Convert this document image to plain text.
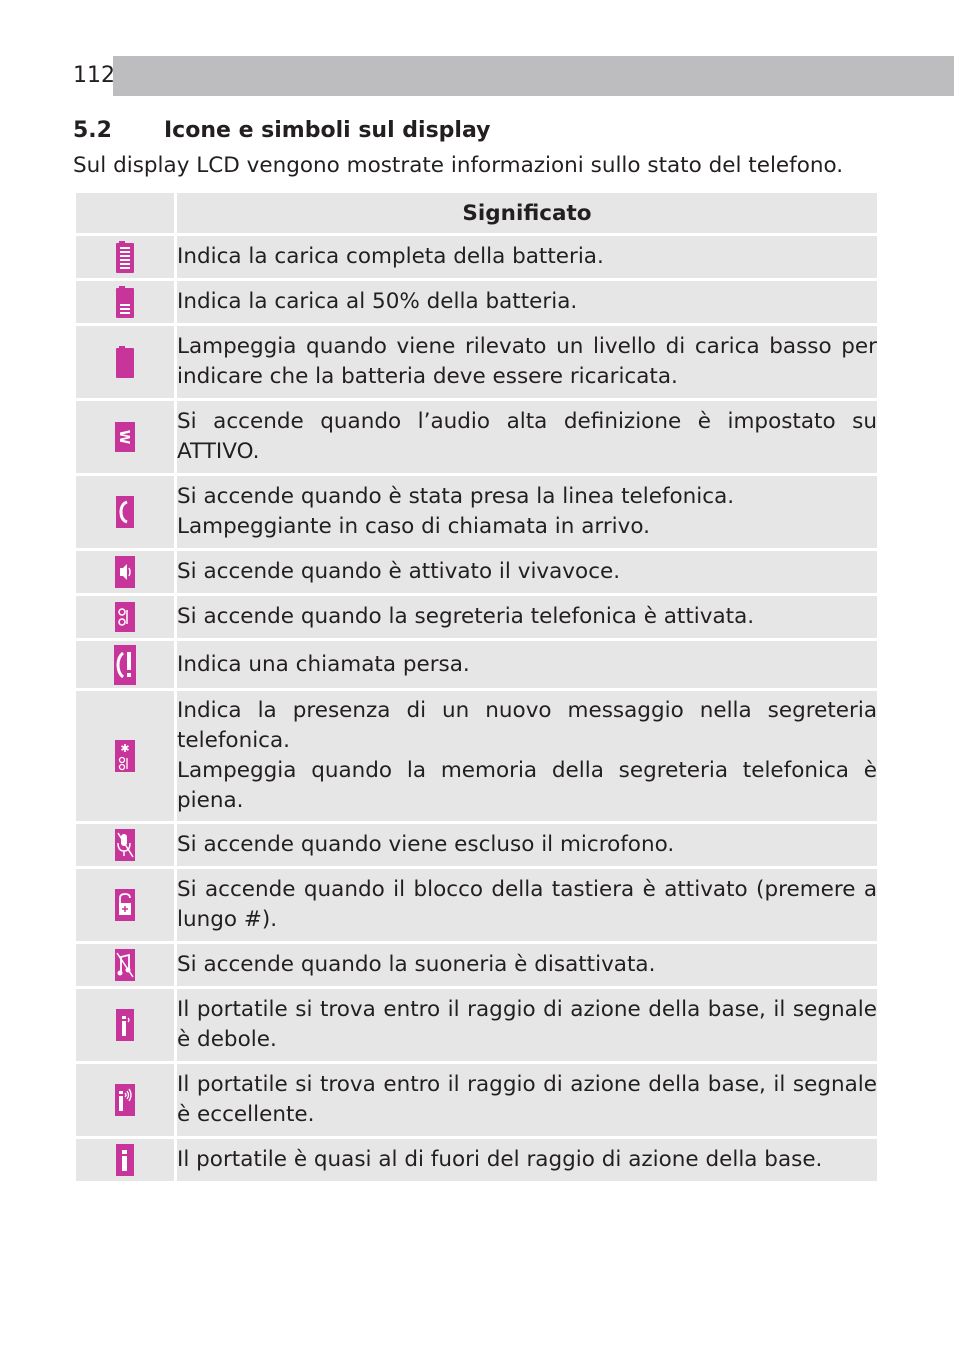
112
5.2 Icone e simboli sul display
Sul display LCD vengono mostrate informazioni sullo stato del telefono.
	Significato

Indica la carica completa della batteria.

Indica la carica al 50% della batteria.

Lampeggia quando viene rilevato un livello di carica basso per indicare che la batteria deve essere ricaricata.

W	Si accende quando l’audio alta definizione è impostato su ATTIVO.

Si accende quando è stata presa la linea telefonica.
Lampeggiante in caso di chiamata in arrivo.

Si accende quando è attivato il vivavoce.

Si accende quando la segreteria telefonica è attivata.

Indica una chiamata persa.

✱	Indica la presenza di un nuovo messaggio nella segreteria telefonica.
Lampeggia quando la memoria della segreteria telefonica è piena.

Si accende quando viene escluso il microfono.

Si accende quando il blocco della tastiera è attivato (premere a lungo #).

Si accende quando la suoneria è disattivata.

Il portatile si trova entro il raggio di azione della base, il segnale è debole.

Il portatile si trova entro il raggio di azione della base, il segnale è eccellente.

Il portatile è quasi al di fuori del raggio di azione della base.
